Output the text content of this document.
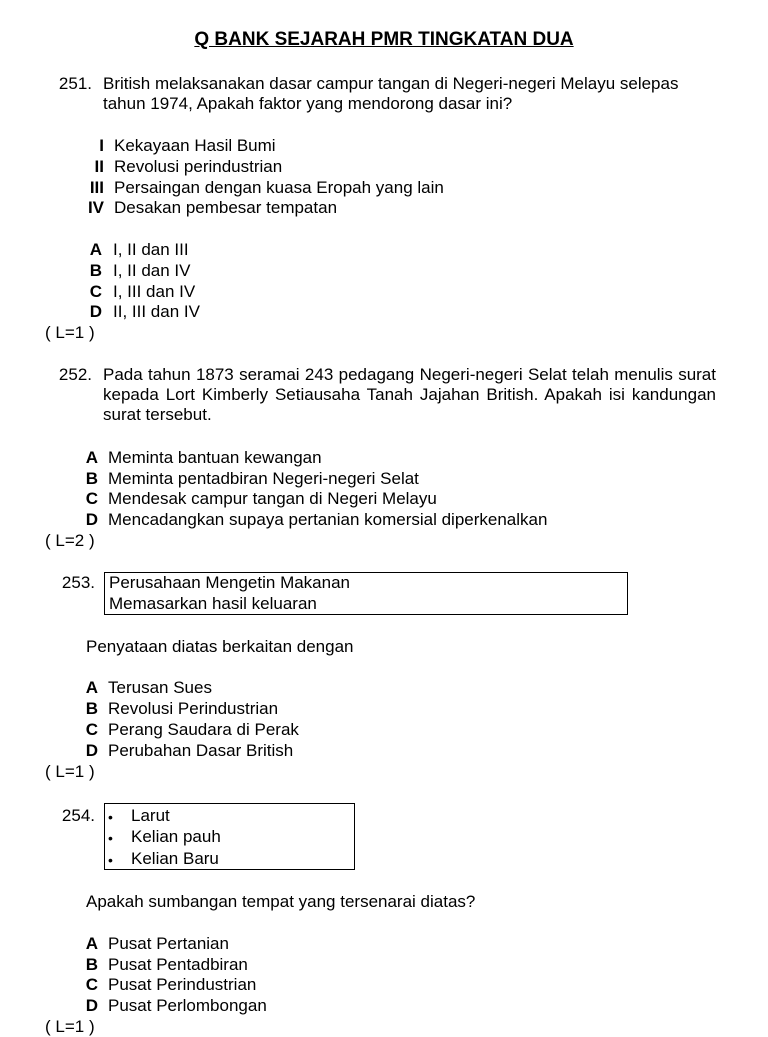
Q BANK SEJARAH PMR TINGKATAN DUA
251. British melaksanakan dasar campur tangan di Negeri-negeri Melayu selepas
tahun 1974, Apakah faktor yang mendorong dasar ini?
I Kekayaan Hasil Bumi
II Revolusi perindustrian
III Persaingan dengan kuasa Eropah yang lain
IV Desakan pembesar tempatan
A I, II dan III
B I, II dan IV
C I, III dan IV
D II, III dan IV
( L=1 )
252. Pada tahun 1873 seramai 243 pedagang Negeri-negeri Selat telah menulis surat kepada Lort Kimberly Setiausaha Tanah Jajahan British. Apakah isi kandungan surat tersebut.
A Meminta bantuan kewangan
B Meminta pentadbiran Negeri-negeri Selat
C Mendesak campur tangan di Negeri Melayu
D Mencadangkan supaya pertanian komersial diperkenalkan
( L=2 )
253. Perusahaan Mengetin Makanan
Memasarkan hasil keluaran
Penyataan diatas berkaitan dengan
A Terusan Sues
B Revolusi Perindustrian
C Perang Saudara di Perak
D Perubahan Dasar British
( L=1 )
254. • Larut
• Kelian pauh
• Kelian Baru
Apakah sumbangan tempat yang tersenarai diatas?
A Pusat Pertanian
B Pusat Pentadbiran
C Pusat Perindustrian
D Pusat Perlombongan
( L=1 )
